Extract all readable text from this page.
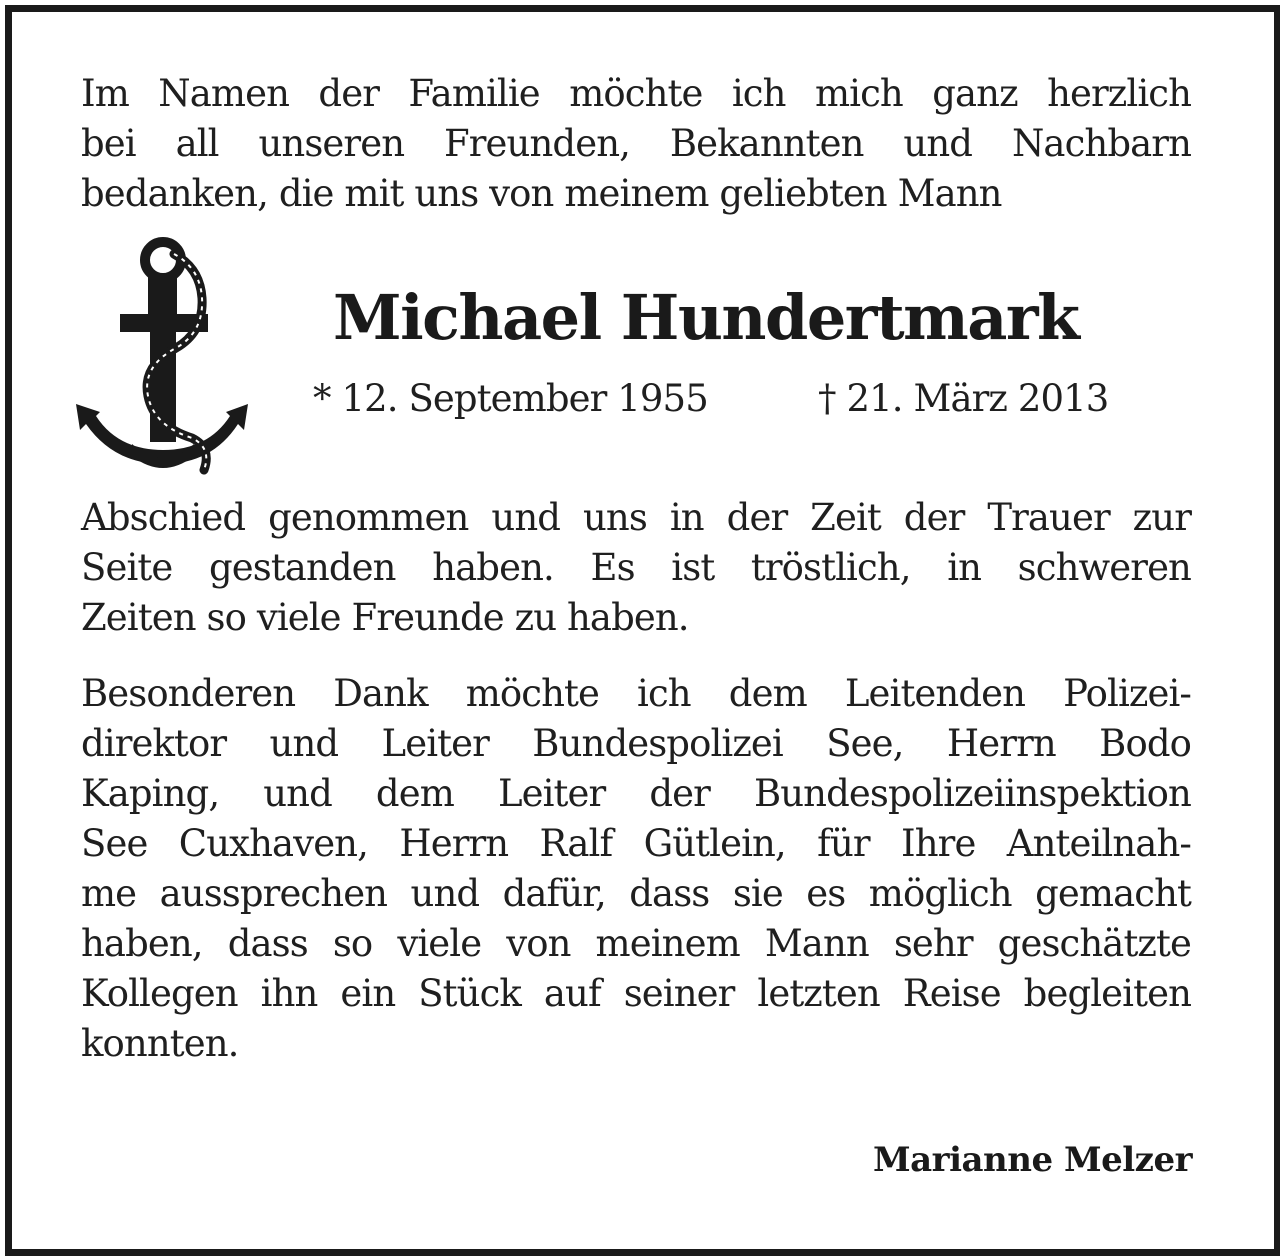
Im Namen der Familie möchte ich mich ganz herzlich
bei all unseren Freunden, Bekannten und Nachbarn
bedanken, die mit uns von meinem geliebten Mann
Abschied genommen und uns in der Zeit der Trauer zur
Seite gestanden haben. Es ist tröstlich, in schweren
Zeiten so viele Freunde zu haben.
Besonderen Dank möchte ich dem Leitenden Polizei-
direktor und Leiter Bundespolizei See, Herrn Bodo
Kaping, und dem Leiter der Bundespolizeiinspektion
See Cuxhaven, Herrn Ralf Gütlein, für Ihre Anteilnah-
me aussprechen und dafür, dass sie es möglich gemacht
haben, dass so viele von meinem Mann sehr geschätzte
Kollegen ihn ein Stück auf seiner letzten Reise begleiten
konnten.
Michael Hundertmark
* 12. September 1955	† 21. März 2013
Marianne Melzer
